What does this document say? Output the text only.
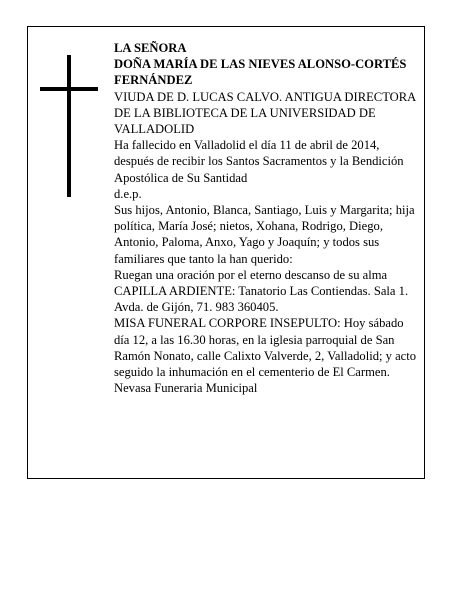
LA SEÑORA
DOÑA MARÍA DE LAS NIEVES ALONSO-CORTÉS FERNÁNDEZ
VIUDA DE D. LUCAS CALVO. ANTIGUA DIRECTORA DE LA BIBLIOTECA DE LA UNIVERSIDAD DE VALLADOLID
Ha fallecido en Valladolid el día 11 de abril de 2014, después de recibir los Santos Sacramentos y la Bendición Apostólica de Su Santidad
d.e.p.
Sus hijos, Antonio, Blanca, Santiago, Luis y Margarita; hija política, María José; nietos, Xohana, Rodrigo, Diego, Antonio, Paloma, Anxo, Yago y Joaquín; y todos sus familiares que tanto la han querido:
Ruegan una oración por el eterno descanso de su alma
CAPILLA ARDIENTE: Tanatorio Las Contiendas. Sala 1. Avda. de Gijón, 71. 983 360405.
MISA FUNERAL CORPORE INSEPULTO: Hoy sábado día 12, a las 16.30 horas, en la iglesia parroquial de San Ramón Nonato, calle Calixto Valverde, 2, Valladolid; y acto seguido la inhumación en el cementerio de El Carmen.
Nevasa Funeraria Municipal
